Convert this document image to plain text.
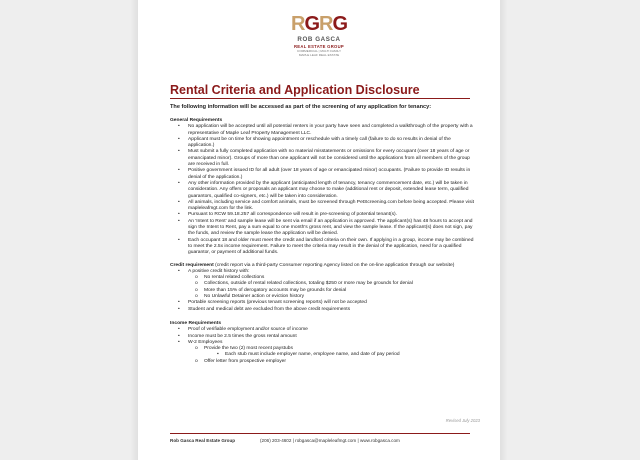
RGRG
ROB GASCA
REAL ESTATE GROUP
COMMERCIAL | MULTI FAMILY
MAPLE LEAF REAL ESTATE
Rental Criteria and Application Disclosure
The following information will be accessed as part of the screening of any application for tenancy:
General Requirements
• No application will be accepted until all potential renters in your party have seen and completed a walkthrough of the property with a representative of Maple Leaf Property Management LLC.
• Applicant must be on time for showing appointment or reschedule with a timely call (failure to do so results in denial of the application.)
• Must submit a fully completed application with no material misstatements or omissions for every occupant (over 18 years of age or emancipated minor). Groups of more than one applicant will not be considered until the applications from all members of the group are received in full.
• Positive government issued ID for all adult (over 18 years of age or emancipated minor) occupants. (Failure to provide ID results in denial of the application.)
• Any other information provided by the applicant (anticipated length of tenancy, tenancy commencement date, etc.) will be taken in consideration. Any offers or proposals an applicant may choose to make (additional rent or deposit, extended lease term, qualified guarantors, qualified co-signers, etc.) will be taken into consideration.
• All animals, including service and comfort animals, must be screened through PetScreening.com before being accepted. Please visit mapleleafmgt.com for the link.
• Pursuant to RCW 59.18.257 all correspondence will result in pre-screening of potential tenant(s).
• An 'Intent to Rent' and sample lease will be sent via email if an application is approved. The applicant(s) has 48 hours to accept and sign the Intent to Rent, pay a sum equal to one month's gross rent, and view the sample lease. If the applicant(s) does not sign, pay the funds, and review the sample lease the application will be denied.
• Each occupant 18 and older must meet the credit and landlord criteria on their own. If applying in a group, income may be combined to meet the 2.5x income requirement. Failure to meet the criteria may result in the denial of the application, need for a qualified guarantor, or payment of additional funds.
Credit requirement (credit report via a third-party Consumer reporting Agency listed on the on-line application through our website)
• A positive credit history with:
o No rental related collections
o Collections, outside of rental related collections, totaling $250 or more may be grounds for denial
o More than 15% of derogatory accounts may be grounds for denial
o No Unlawful Detainer action or eviction history
• Portable screening reports (previous tenant screening reports) will not be accepted
• Student and medical debt are excluded from the above credit requirements
Income Requirements
• Proof of verifiable employment and/or source of income
• Income must be 2.5 times the gross rental amount
• W-2 Employees
o Provide the two (2) most recent paystubs
▪ Each stub must include employer name, employee name, and date of pay period
o Offer letter from prospective employer
Revised July 2023
Rob Gasca Real Estate Group	(206) 203-4602 | robgasca@mapleleafmgt.com | www.robgasca.com
